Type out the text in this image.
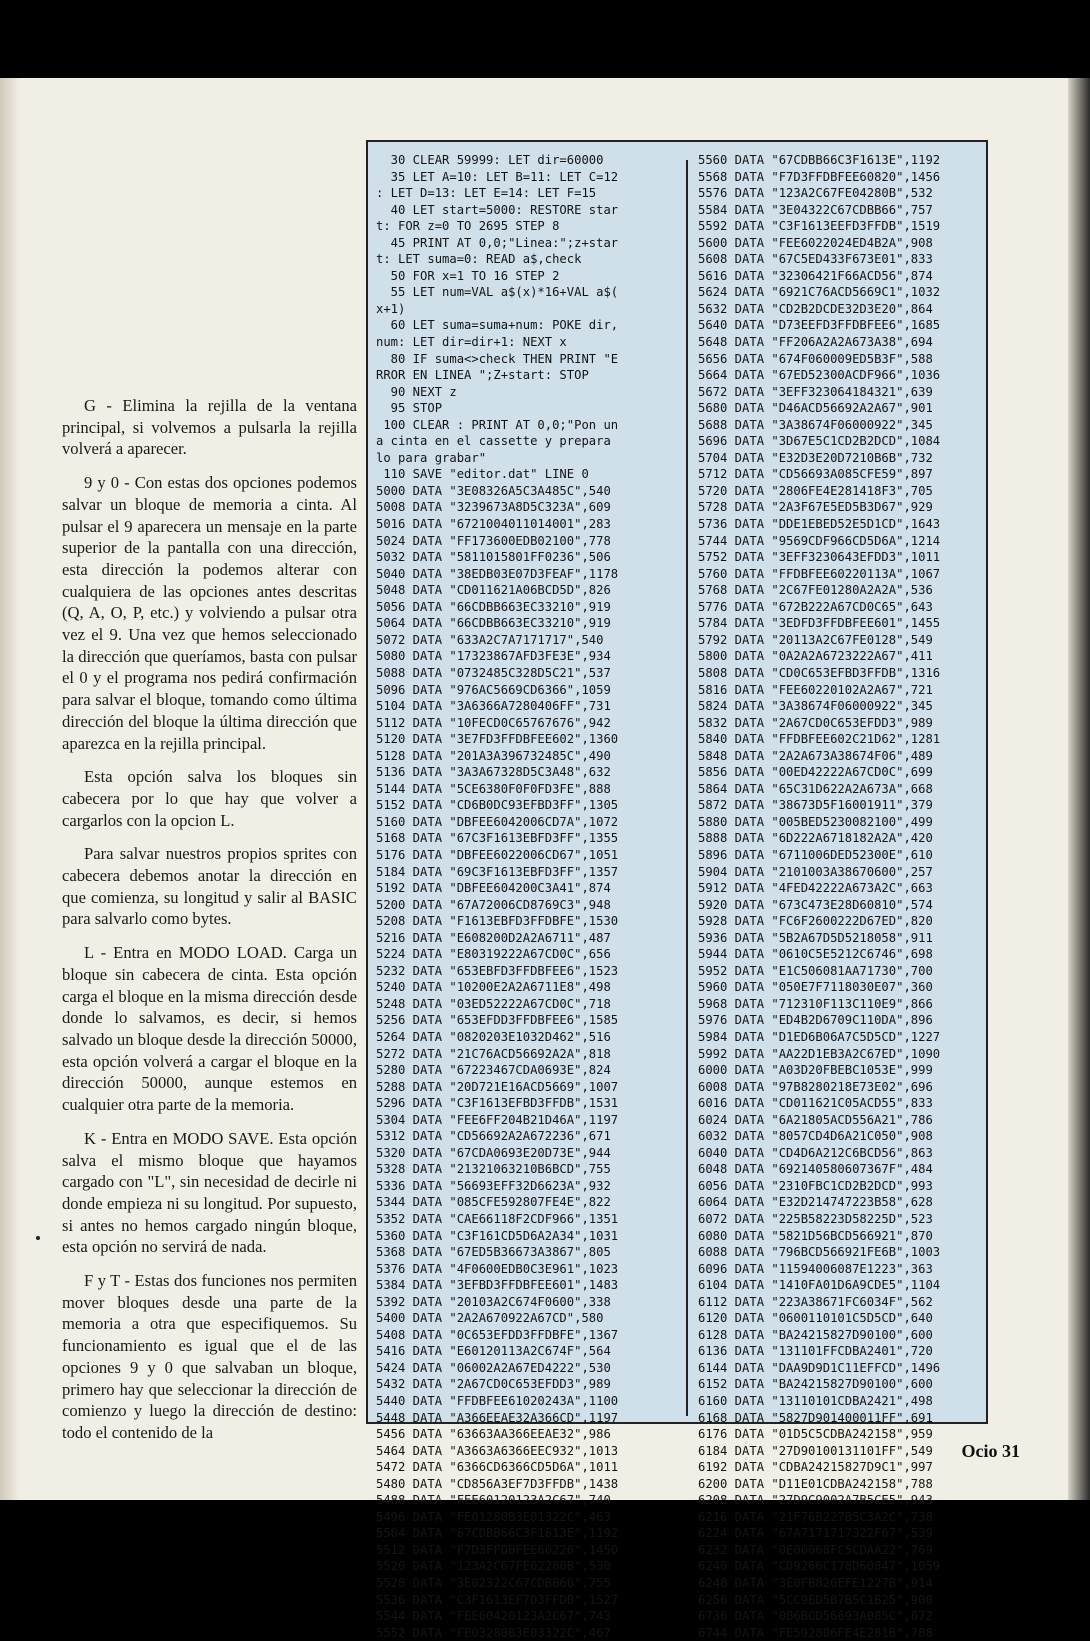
G - Elimina la rejilla de la ventana principal, si volvemos a pulsarla la rejilla volverá a aparecer.

9 y 0 - Con estas dos opciones podemos salvar un bloque de memoria a cinta. Al pulsar el 9 aparecera un mensaje en la parte superior de la pantalla con una dirección, esta dirección la podemos alterar con cualquiera de las opciones antes descritas (Q, A, O, P, etc.) y volviendo a pulsar otra vez el 9. Una vez que hemos seleccionado la dirección que queríamos, basta con pulsar el 0 y el programa nos pedirá confirmación para salvar el bloque, tomando como última dirección del bloque la última dirección que aparezca en la rejilla principal.

Esta opción salva los bloques sin cabecera por lo que hay que volver a cargarlos con la opcion L.

Para salvar nuestros propios sprites con cabecera debemos anotar la dirección en que comienza, su longitud y salir al BASIC para salvarlo como bytes.

L - Entra en MODO LOAD. Carga un bloque sin cabecera de cinta. Esta opción carga el bloque en la misma dirección desde donde lo salvamos, es decir, si hemos salvado un bloque desde la dirección 50000, esta opción volverá a cargar el bloque en la dirección 50000, aunque estemos en cualquier otra parte de la memoria.

K - Entra en MODO SAVE. Esta opción salva el mismo bloque que hayamos cargado con "L", sin necesidad de decirle ni donde empieza ni su longitud. Por supuesto, si antes no hemos cargado ningún bloque, esta opción no servirá de nada.

F y T - Estas dos funciones nos permiten mover bloques desde una parte de la memoria a otra que especifiquemos. Su funcionamiento es igual que el de las opciones 9 y 0 que salvaban un bloque, primero hay que seleccionar la dirección de comienzo y luego la dirección de destino: todo el contenido de la

30 CLEAR 59999: LET dir=60000
35 LET A=10: LET B=11: LET C=12
: LET D=13: LET E=14: LET F=15
40 LET start=5000: RESTORE star
t: FOR z=0 TO 2695 STEP 8
45 PRINT AT 0,0;"Linea:";z+star
t: LET suma=0: READ a$,check
50 FOR x=1 TO 16 STEP 2
55 LET num=VAL a$(x)*16+VAL a$(
x+1)
60 LET suma=suma+num: POKE dir,
num: LET dir=dir+1: NEXT x
80 IF suma<>check THEN PRINT "E
RROR EN LINEA ";Z+start: STOP
90 NEXT z
95 STOP
100 CLEAR : PRINT AT 0,0;"Pon un
a cinta en el cassette y prepara
lo para grabar"
110 SAVE "editor.dat" LINE 0
5000 DATA "3E08326A5C3A485C",540
5008 DATA "3239673A8D5C323A",609
5016 DATA "6721004011014001",283
5024 DATA "FF173600EDB02100",778
5032 DATA "5811015801FF0236",506
5040 DATA "38EDB03E07D3FEAF",1178
5048 DATA "CD011621A06BCD5D",826
5056 DATA "66CDBB663EC33210",919
5064 DATA "66CDBB663EC33210",919
5072 DATA "633A2C7A7171717",540
5080 DATA "17323867AFD3FE3E",934
5088 DATA "0732485C328D5C21",537
5096 DATA "976AC5669CD6366",1059
5104 DATA "3A6366A7280406FF",731
5112 DATA "10FECD0C65767676",942
5120 DATA "3E7FD3FFDBFEE602",1360
5128 DATA "201A3A396732485C",490
5136 DATA "3A3A67328D5C3A48",632
5144 DATA "5CE6380F0F0FD3FE",888
5152 DATA "CD6B0DC93EFBD3FF",1305
5160 DATA "DBFEE6042006CD7A",1072
5168 DATA "67C3F1613EBFD3FF",1355
5176 DATA "DBFEE6022006CD67",1051
5184 DATA "69C3F1613EBFD3FF",1357
5192 DATA "DBFEE604200C3A41",874
5200 DATA "67A72006CD8769C3",948
5208 DATA "F1613EBFD3FFDBFE",1530
5216 DATA "E608200D2A2A6711",487
5224 DATA "E80319222A67CD0C",656
5232 DATA "653EBFD3FFDBFEE6",1523
5240 DATA "10200E2A2A6711E8",498
5248 DATA "03ED52222A67CD0C",718
5256 DATA "653EFDD3FFDBFEE6",1585
5264 DATA "0820203E1032D462",516
5272 DATA "21C76ACD56692A2A",818
5280 DATA "67223467CDA0693E",824
5288 DATA "20D721E16ACD5669",1007
5296 DATA "C3F1613EFBD3FFDB",1531
5304 DATA "FEE6FF204B21D46A",1197
5312 DATA "CD56692A2A672236",671
5320 DATA "67CDA0693E20D73E",944
5328 DATA "21321063210B6BCD",755
5336 DATA "56693EFF32D6623A",932
5344 DATA "085CFE592807FE4E",822
5352 DATA "CAE66118F2CDF966",1351
5360 DATA "C3F161CD5D6A2A34",1031
5368 DATA "67ED5B36673A3867",805
5376 DATA "4F0600EDB0C3E961",1023
5384 DATA "3EFBD3FFDBFEE601",1483
5392 DATA "20103A2C674F0600",338
5400 DATA "2A2A670922A67CD",580
5408 DATA "0C653EFDD3FFDBFE",1367
5416 DATA "E60120113A2C674F",564
5424 DATA "06002A2A67ED4222",530
5432 DATA "2A67CD0C653EFDD3",989
5440 DATA "FFDBFEE61020243A",1100
5448 DATA "A366EEAE32A366CD",1197
5456 DATA "63663AA366EEAE32",986
5464 DATA "A3663A6366EEC932",1013
5472 DATA "6366CD6366CD5D6A",1011
5480 DATA "CD856A3EF7D3FFDB",1438
5488 DATA "FEE60120123A2C67",740
5496 DATA "FE01280B3E01322C",463
5504 DATA "67CDBB66C3F1613E",1192
5512 DATA "F7D3FFDBFEE60220",1450
5520 DATA "123A2C67FE02280B",530
5528 DATA "3E02322C67CDBB66",755
5536 DATA "C3F1613EF7D3FFDB",1527
5544 DATA "FEE60420123A2C67",743
5552 DATA "FE03280B3E03322C",467
5560 DATA "67CDBB66C3F1613E",1192
5568 DATA "F7D3FFDBFEE60820",1456
5576 DATA "123A2C67FE04280B",532
5584 DATA "3E04322C67CDBB66",757
5592 DATA "C3F1613EEFD3FFDB",1519
5600 DATA "FEE6022024ED4B2A",908
5608 DATA "67C5ED433F673E01",833
5616 DATA "32306421F66ACD56",874
5624 DATA "6921C76ACD5669C1",1032
5632 DATA "CD2B2DCDE32D3E20",864
5640 DATA "D73EEFD3FFDBFEE6",1685
5648 DATA "FF206A2A2A673A38",694
5656 DATA "674F060009ED5B3F",588
5664 DATA "67ED52300ACDF966",1036
5672 DATA "3EFF323064184321",639
5680 DATA "D46ACD56692A2A67",901
5688 DATA "3A38674F06000922",345
5696 DATA "3D67E5C1CD2B2DCD",1084
5704 DATA "E32D3E20D7210B6B",732
5712 DATA "CD56693A085CFE59",897
5720 DATA "2806FE4E281418F3",705
5728 DATA "2A3F67E5ED5B3D67",929
5736 DATA "DDE1EBED52E5D1CD",1643
5744 DATA "9569CDF966CD5D6A",1214
5752 DATA "3EFF3230643EFDD3",1011
5760 DATA "FFDBFEE60220113A",1067
5768 DATA "2C67FE01280A2A2A",536
5776 DATA "672B222A67CD0C65",643
5784 DATA "3EDFD3FFDBFEE601",1455
5792 DATA "20113A2C67FE0128",549
5800 DATA "0A2A2A6723222A67",411
5808 DATA "CD0C653EFBD3FFDB",1316
5816 DATA "FEE60220102A2A67",721
5824 DATA "3A38674F06000922",345
5832 DATA "2A67CD0C653EFDD3",989
5840 DATA "FFDBFEE602C21D62",1281
5848 DATA "2A2A673A38674F06",489
5856 DATA "00ED42222A67CD0C",699
5864 DATA "65C31D622A2A673A",668
5872 DATA "38673D5F16001911",379
5880 DATA "005BED5230082100",499
5888 DATA "6D222A6718182A2A",420
5896 DATA "6711006DED52300E",610
5904 DATA "2101003A38670600",257
5912 DATA "4FED42222A673A2C",663
5920 DATA "673C473E28D60810",574
5928 DATA "FC6F2600222D67ED",820
5936 DATA "5B2A67D5D5218058",911
5944 DATA "0610C5E5212C6746",698
5952 DATA "E1C506081AA71730",700
5960 DATA "050E7F7118030E07",360
5968 DATA "712310F113C110E9",866
5976 DATA "ED4B2D6709C110DA",896
5984 DATA "D1ED6B06A7C5D5CD",1227
5992 DATA "AA22D1EB3A2C67ED",1090
6000 DATA "A03D20FBEBC1053E",999
6008 DATA "97B8280218E73E02",696
6016 DATA "CD011621C05ACD55",833
6024 DATA "6A21805ACD556A21",786
6032 DATA "8057CD4D6A21C050",908
6040 DATA "CD4D6A212C6BCD56",863
6048 DATA "692140580607367F",484
6056 DATA "2310FBC1CD2B2DCD",993
6064 DATA "E32D214747223B58",628
6072 DATA "225B58223D58225D",523
6080 DATA "5821D56BCD566921",870
6088 DATA "796BCD566921FE6B",1003
6096 DATA "11594006087E1223",363
6104 DATA "1410FA01D6A9CDE5",1104
6112 DATA "223A38671FC6034F",562
6120 DATA "0600110101C5D5CD",640
6128 DATA "BA24215827D90100",600
6136 DATA "131101FFCDBA2401",720
6144 DATA "DAA9D9D1C11EFFCD",1496
6152 DATA "BA24215827D90100",600
6160 DATA "13110101CDBA2421",498
6168 DATA "5827D901400011FF",691
6176 DATA "01D5C5CDBA242158",959
6184 DATA "27D90100131101FF",549
6192 DATA "CDBA24215827D9C1",997
6200 DATA "D11E01CDBA242158",788
6208 DATA "27D9C9002A7B5CE5",943
6216 DATA "21F76B227B5C3A2C",738
6224 DATA "67A7171717322F67",539
6232 DATA "0E00068FC5CDAA22",769
6240 DATA "CD9266C178D60847",1059
6248 DATA "3E0FB820EFE1227B",914
6256 DATA "5CC9ED5B7B5C1B25",900
6736 DATA "0B6BCD56693A085C",672
6744 DATA "FE592806FE4E281B",788
Ocio 31
